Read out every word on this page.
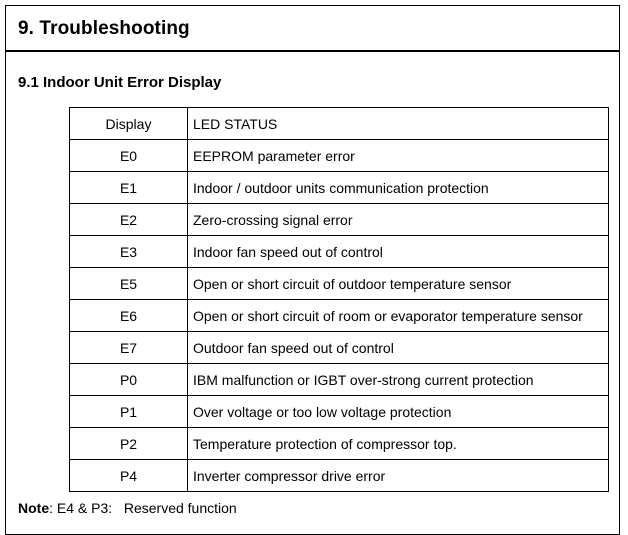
9. Troubleshooting
9.1 Indoor Unit Error Display
Display	LED STATUS
E0	EEPROM parameter error
E1	Indoor / outdoor units communication protection
E2	Zero-crossing signal error
E3	Indoor fan speed out of control
E5	Open or short circuit of outdoor temperature sensor
E6	Open or short circuit of room or evaporator temperature sensor
E7	Outdoor fan speed out of control
P0	IBM malfunction or IGBT over-strong current protection
P1	Over voltage or too low voltage protection
P2	Temperature protection of compressor top.
P4	Inverter compressor drive error
Note: E4 & P3: Reserved function
